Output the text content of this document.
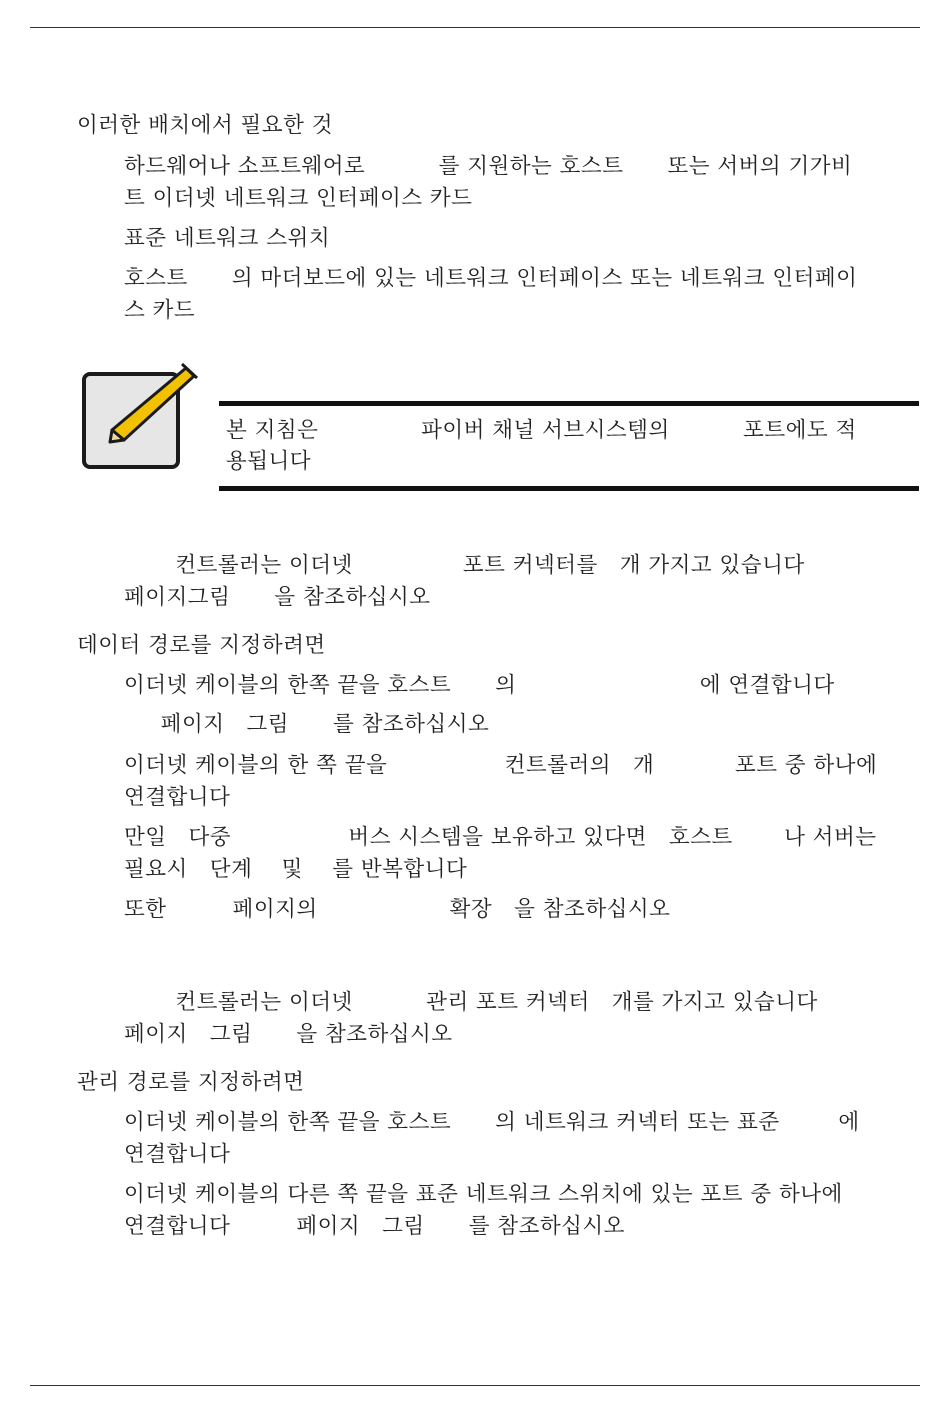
이러한 배치에서 필요한 것
하드웨어나 소프트웨어로          를 지원하는 호스트      또는 서버의 기가비
트 이더넷 네트워크 인터페이스 카드
표준 네트워크 스위치
호스트      의 마더보드에 있는 네트워크 인터페이스 또는 네트워크 인터페이
스 카드
본 지침은              파이버 채널 서브시스템의          포트에도 적
용됩니다
컨트롤러는 이더넷               포트 커넥터를   개 가지고 있습니다
페이지그림      을 참조하십시오
데이터 경로를 지정하려면
이더넷 케이블의 한쪽 끝을 호스트      의                         에 연결합니다
페이지   그림      를 참조하십시오
이더넷 케이블의 한 쪽 끝을                컨트롤러의   개           포트 중 하나에
연결합니다
만일   다중                버스 시스템을 보유하고 있다면   호스트       나 서버는
필요시   단계    및    를 반복합니다
또한         페이지의                  확장   을 참조하십시오
컨트롤러는 이더넷          관리 포트 커넥터   개를 가지고 있습니다
페이지   그림      을 참조하십시오
관리 경로를 지정하려면
이더넷 케이블의 한쪽 끝을 호스트      의 네트워크 커넥터 또는 표준        에
연결합니다
이더넷 케이블의 다른 쪽 끝을 표준 네트워크 스위치에 있는 포트 중 하나에
연결합니다         페이지   그림      를 참조하십시오
